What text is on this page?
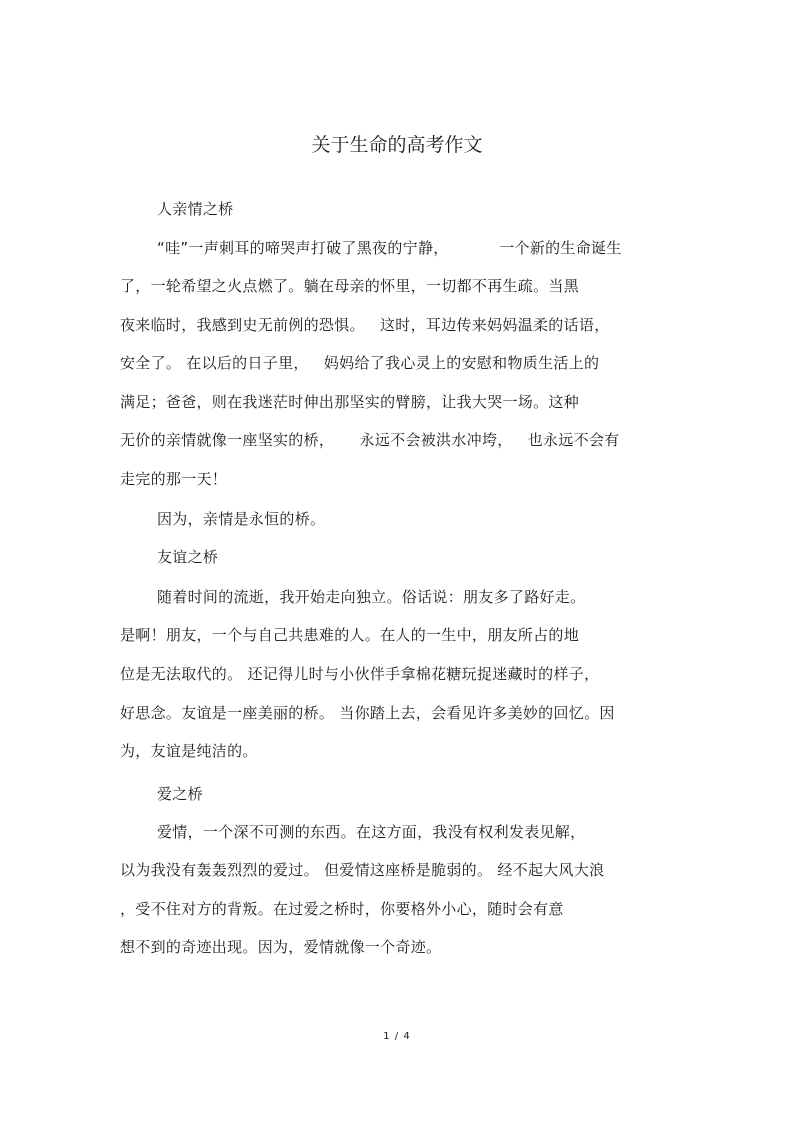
关于生命的高考作文
人亲情之桥
“哇”一声刺耳的啼哭声打破了黑夜的宁静，          一个新的生命诞生
了，一轮希望之火点燃了。躺在母亲的怀里，一切都不再生疏。当黑
夜来临时，我感到史无前例的恐惧。   这时，耳边传来妈妈温柔的话语，
安全了。 在以后的日子里，   妈妈给了我心灵上的安慰和物质生活上的
满足；爸爸，则在我迷茫时伸出那坚实的臂膀，让我大哭一场。这种
无价的亲情就像一座坚实的桥，     永远不会被洪水冲垮，   也永远不会有
走完的那一天！
因为，亲情是永恒的桥。
友谊之桥
随着时间的流逝，我开始走向独立。俗话说：朋友多了路好走。
是啊！朋友，一个与自己共患难的人。在人的一生中，朋友所占的地
位是无法取代的。 还记得儿时与小伙伴手拿棉花糖玩捉迷藏时的样子，
好思念。友谊是一座美丽的桥。 当你踏上去，会看见许多美妙的回忆。因
为，友谊是纯洁的。
爱之桥
爱情，一个深不可测的东西。在这方面，我没有权利发表见解，
以为我没有轰轰烈烈的爱过。 但爱情这座桥是脆弱的。 经不起大风大浪
，受不住对方的背叛。在过爱之桥时，你要格外小心，随时会有意
想不到的奇迹出现。因为，爱情就像一个奇迹。
1 / 4
